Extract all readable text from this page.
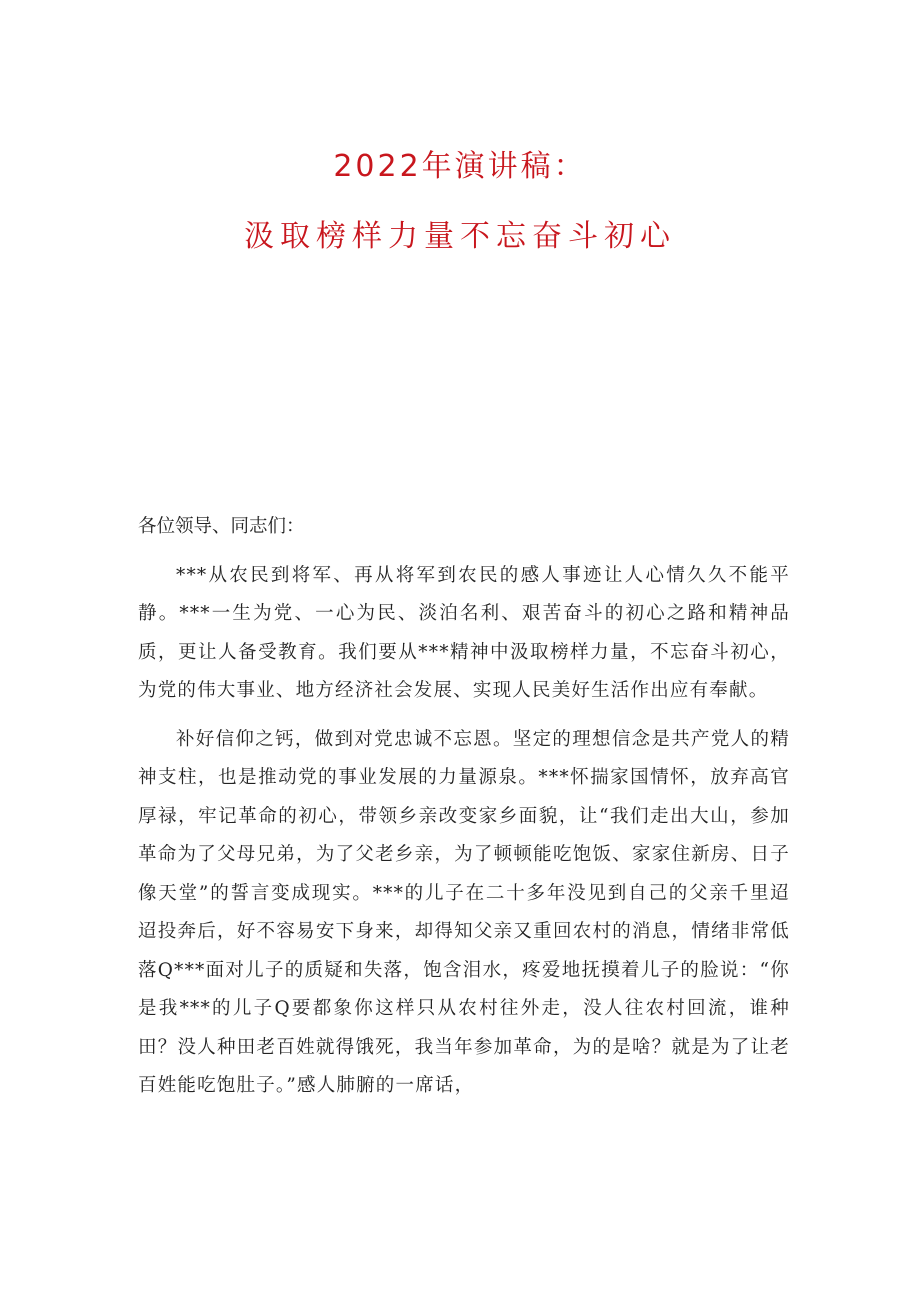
2022年演讲稿：
汲取榜样力量不忘奋斗初心

各位领导、同志们：

***从农民到将军、再从将军到农民的感人事迹让人心情久久不能平静。***一生为党、一心为民、淡泊名利、艰苦奋斗的初心之路和精神品质，更让人备受教育。我们要从***精神中汲取榜样力量，不忘奋斗初心，为党的伟大事业、地方经济社会发展、实现人民美好生活作出应有奉献。

补好信仰之钙，做到对党忠诚不忘恩。坚定的理想信念是共产党人的精神支柱，也是推动党的事业发展的力量源泉。***怀揣家国情怀，放弃高官厚禄，牢记革命的初心，带领乡亲改变家乡面貌，让“我们走出大山，参加革命为了父母兄弟，为了父老乡亲，为了顿顿能吃饱饭、家家住新房、日子像天堂”的誓言变成现实。***的儿子在二十多年没见到自己的父亲千里迢迢投奔后，好不容易安下身来，却得知父亲又重回农村的消息，情绪非常低落Q***面对儿子的质疑和失落，饱含泪水，疼爱地抚摸着儿子的脸说：“你是我***的儿子Q要都象你这样只从农村往外走，没人往农村回流，谁种田？没人种田老百姓就得饿死，我当年参加革命，为的是啥？就是为了让老百姓能吃饱肚子。”感人肺腑的一席话，
